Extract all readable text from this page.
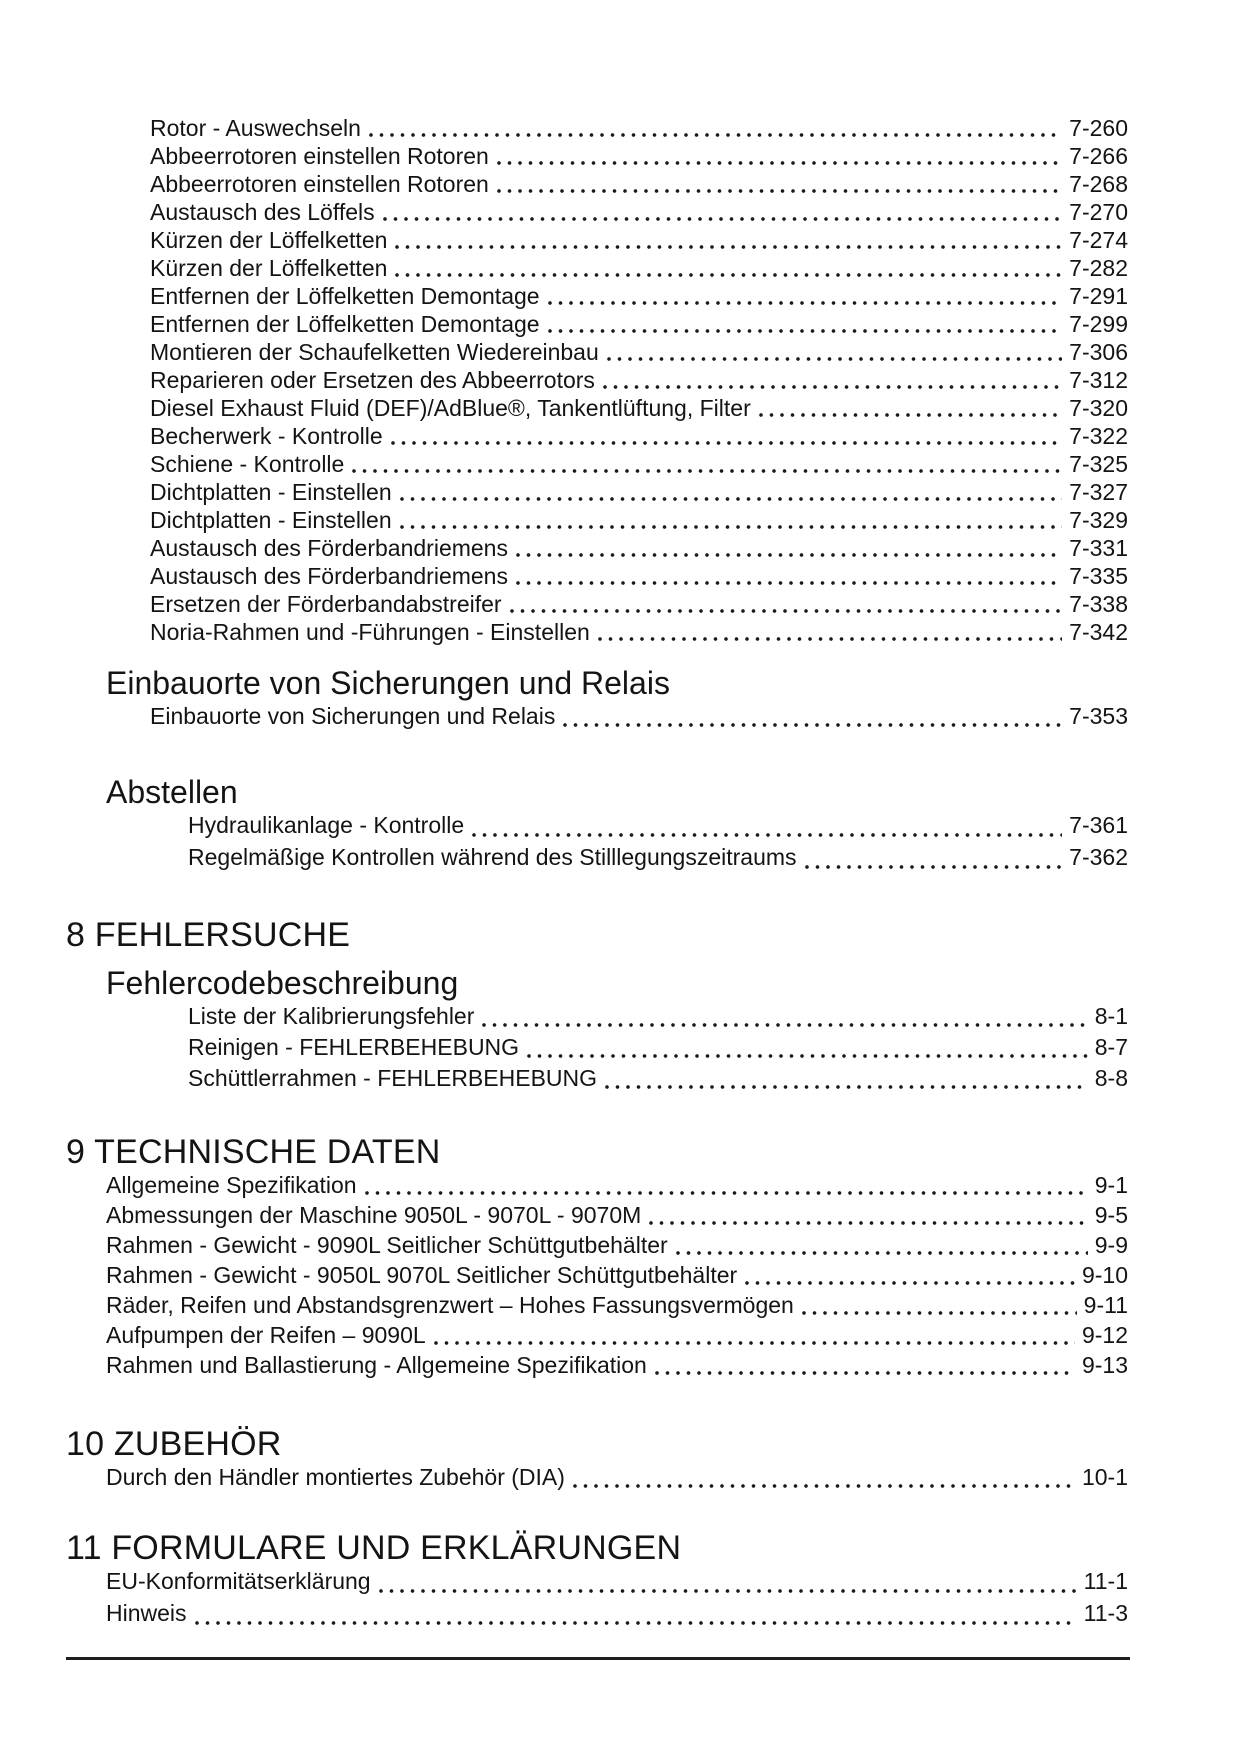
Rotor - Auswechseln	7-260
Abbeerrotoren einstellen Rotoren	7-266
Abbeerrotoren einstellen Rotoren	7-268
Austausch des Löffels	7-270
Kürzen der Löffelketten	7-274
Kürzen der Löffelketten	7-282
Entfernen der Löffelketten Demontage	7-291
Entfernen der Löffelketten Demontage	7-299
Montieren der Schaufelketten Wiedereinbau	7-306
Reparieren oder Ersetzen des Abbeerrotors	7-312
Diesel Exhaust Fluid (DEF)/AdBlue®, Tankentlüftung, Filter	7-320
Becherwerk - Kontrolle	7-322
Schiene - Kontrolle	7-325
Dichtplatten - Einstellen	7-327
Dichtplatten - Einstellen	7-329
Austausch des Förderbandriemens	7-331
Austausch des Förderbandriemens	7-335
Ersetzen der Förderbandabstreifer	7-338
Noria-Rahmen und -Führungen - Einstellen	7-342
Einbauorte von Sicherungen und Relais
Einbauorte von Sicherungen und Relais	7-353
Abstellen
Hydraulikanlage - Kontrolle	7-361
Regelmäßige Kontrollen während des Stilllegungszeitraums	7-362
8 FEHLERSUCHE
Fehlercodebeschreibung
Liste der Kalibrierungsfehler	8-1
Reinigen - FEHLERBEHEBUNG	8-7
Schüttlerrahmen - FEHLERBEHEBUNG	8-8
9 TECHNISCHE DATEN
Allgemeine Spezifikation	9-1
Abmessungen der Maschine 9050L - 9070L - 9070M	9-5
Rahmen - Gewicht - 9090L Seitlicher Schüttgutbehälter	9-9
Rahmen - Gewicht - 9050L 9070L Seitlicher Schüttgutbehälter	9-10
Räder, Reifen und Abstandsgrenzwert – Hohes Fassungsvermögen	9-11
Aufpumpen der Reifen – 9090L	9-12
Rahmen und Ballastierung - Allgemeine Spezifikation	9-13
10 ZUBEHÖR
Durch den Händler montiertes Zubehör (DIA)	10-1
11 FORMULARE UND ERKLÄRUNGEN
EU-Konformitätserklärung	11-1
Hinweis	11-3
